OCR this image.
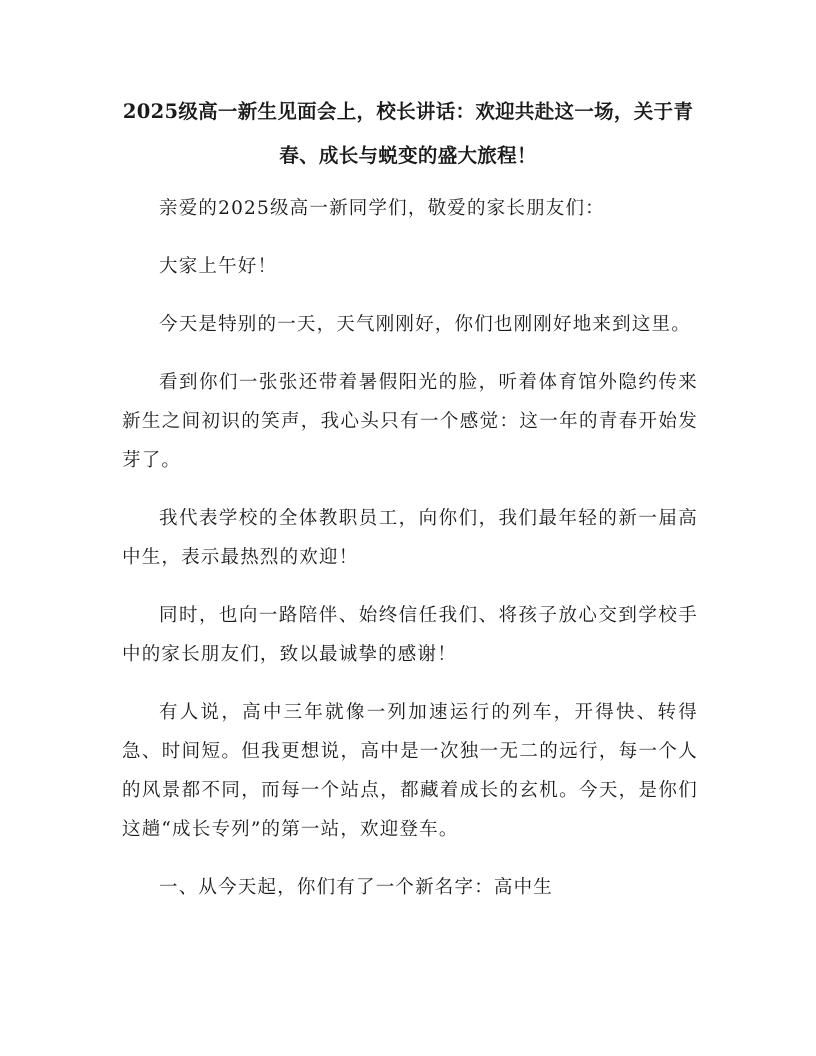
2025级高一新生见面会上，校长讲话：欢迎共赴这一场，关于青春、成长与蜕变的盛大旅程！

亲爱的2025级高一新同学们，敬爱的家长朋友们：

大家上午好！

今天是特别的一天，天气刚刚好，你们也刚刚好地来到这里。

看到你们一张张还带着暑假阳光的脸，听着体育馆外隐约传来新生之间初识的笑声，我心头只有一个感觉：这一年的青春开始发芽了。

我代表学校的全体教职员工，向你们，我们最年轻的新一届高中生，表示最热烈的欢迎！

同时，也向一路陪伴、始终信任我们、将孩子放心交到学校手中的家长朋友们，致以最诚挚的感谢！

有人说，高中三年就像一列加速运行的列车，开得快、转得急、时间短。但我更想说，高中是一次独一无二的远行，每一个人的风景都不同，而每一个站点，都藏着成长的玄机。今天，是你们这趟“成长专列”的第一站，欢迎登车。

一、从今天起，你们有了一个新名字：高中生
